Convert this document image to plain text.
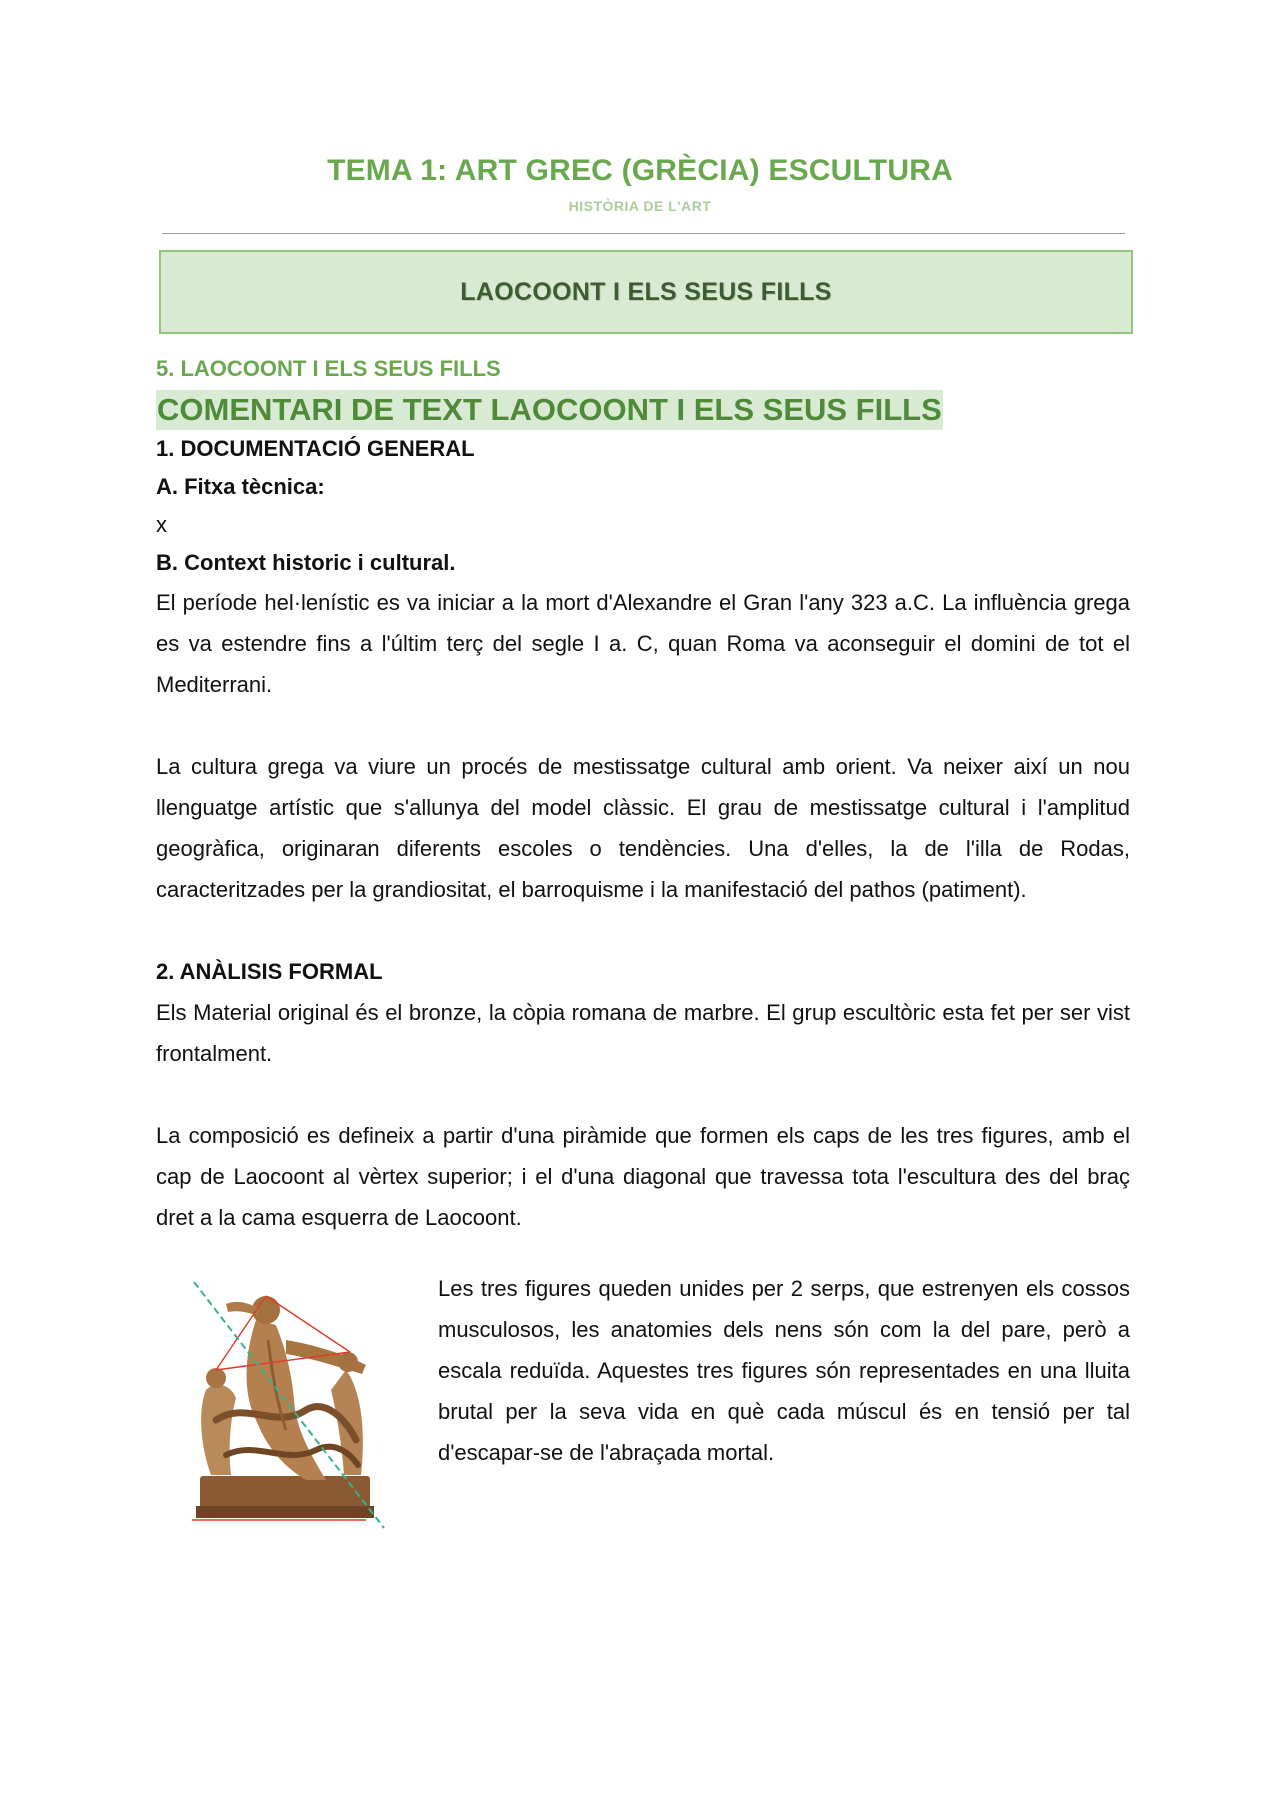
TEMA 1: ART GREC (GRÈCIA) ESCULTURA
HISTÒRIA DE L'ART
LAOCOONT I ELS SEUS FILLS

5. LAOCOONT I ELS SEUS FILLS

COMENTARI DE TEXT LAOCOONT I ELS SEUS FILLS

1. DOCUMENTACIÓ GENERAL

A. Fitxa tècnica:

x

B. Context historic i cultural.

El període hel·lenístic es va iniciar a la mort d'Alexandre el Gran l'any 323 a.C. La influència grega es va estendre fins a l'últim terç del segle I a. C, quan Roma va aconseguir el domini de tot el Mediterrani.

La cultura grega va viure un procés de mestissatge cultural amb orient. Va neixer així un nou llenguatge artístic que s'allunya del model clàssic. El grau de mestissatge cultural i l'amplitud geogràfica, originaran diferents escoles o tendències. Una d'elles, la de l'illa de Rodas, caracteritzades per la grandiositat, el barroquisme i la manifestació del pathos (patiment).

2. ANÀLISIS FORMAL

Els Material original és el bronze, la còpia romana de marbre. El grup escultòric esta fet per ser vist frontalment.

La composició es defineix a partir d'una piràmide que formen els caps de les tres figures, amb el cap de Laocoont al vèrtex superior; i el d'una diagonal que travessa tota l'escultura des del braç dret a la cama esquerra de Laocoont.

Les tres figures queden unides per 2 serps, que estrenyen els cossos musculosos, les anatomies dels nens són com la del pare, però a escala reduïda. Aquestes tres figures són representades en una lluita brutal per la seva vida en què cada múscul és en tensió per tal d'escapar-se de l'abraçada mortal.
